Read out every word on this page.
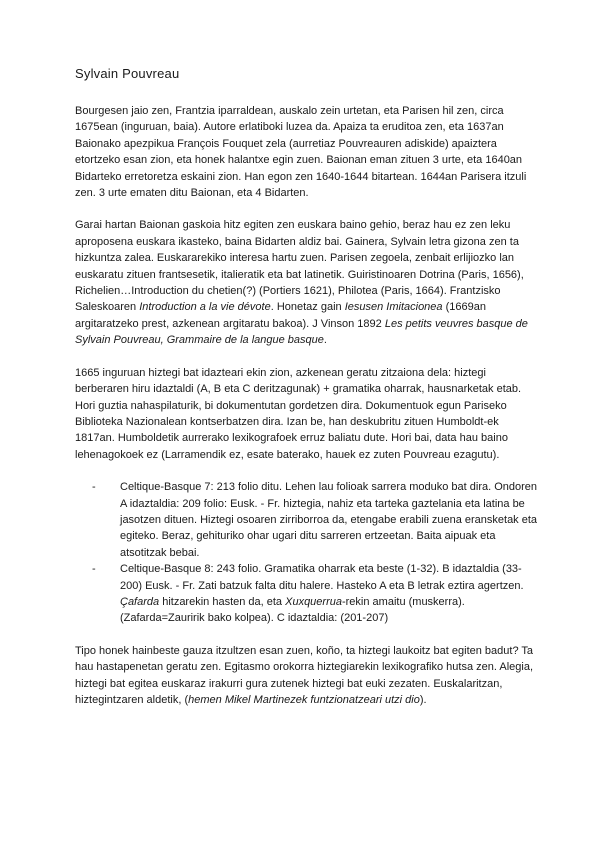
Sylvain Pouvreau

Bourgesen jaio zen, Frantzia iparraldean, auskalo zein urtetan, eta Parisen hil zen, circa 1675ean (inguruan, baia). Autore erlatiboki luzea da. Apaiza ta eruditoa zen, eta 1637an Baionako apezpikua François Fouquet zela (aurretiaz Pouvreauren adiskide) apaiztera etortzeko esan zion, eta honek halantxe egin zuen. Baionan eman zituen 3 urte, eta 1640an Bidarteko erretoretza eskaini zion. Han egon zen 1640-1644 bitartean. 1644an Parisera itzuli zen. 3 urte ematen ditu Baionan, eta 4 Bidarten.

Garai hartan Baionan gaskoia hitz egiten zen euskara baino gehio, beraz hau ez zen leku aproposena euskara ikasteko, baina Bidarten aldiz bai. Gainera, Sylvain letra gizona zen ta hizkuntza zalea. Euskararekiko interesa hartu zuen. Parisen zegoela, zenbait erlijiozko lan euskaratu zituen frantsesetik, italieratik eta bat latinetik. Guiristinoaren Dotrina (Paris, 1656), Richelien…Introduction du chetien(?) (Portiers 1621), Philotea (Paris, 1664). Frantzisko Saleskoaren Introduction a la vie dévote. Honetaz gain Iesusen Imitacionea (1669an argitaratzeko prest, azkenean argitaratu bakoa). J Vinson 1892 Les petits veuvres basque de Sylvain Pouvreau, Grammaire de la langue basque.

1665 inguruan hiztegi bat idazteari ekin zion, azkenean geratu zitzaiona dela: hiztegi berberaren hiru idaztaldi (A, B eta C deritzagunak) + gramatika oharrak, hausnarketak etab. Hori guztia nahaspilaturik, bi dokumentutan gordetzen dira. Dokumentuok egun Pariseko Biblioteka Nazionalean kontserbatzen dira. Izan be, han deskubritu zituen Humboldt-ek 1817an. Humboldetik aurrerako lexikografoek erruz baliatu dute. Hori bai, data hau baino lehenagokoek ez (Larramendik ez, esate baterako, hauek ez zuten Pouvreau ezagutu).

- Celtique-Basque 7: 213 folio ditu. Lehen lau folioak sarrera moduko bat dira. Ondoren A idaztaldia: 209 folio: Eusk. - Fr. hiztegia, nahiz eta tarteka gaztelania eta latina be jasotzen dituen. Hiztegi osoaren zirriborroa da, etengabe erabili zuena eransketak eta egiteko. Beraz, gehituriko ohar ugari ditu sarreren ertzeetan. Baita aipuak eta atsotitzak bebai.
- Celtique-Basque 8: 243 folio. Gramatika oharrak eta beste (1-32). B idaztaldia (33-200) Eusk. - Fr. Zati batzuk falta ditu halere. Hasteko A eta B letrak eztira agertzen. Çafarda hitzarekin hasten da, eta Xuxquerrua-rekin amaitu (muskerra). (Zafarda=Zauririk bako kolpea). C idaztaldia: (201-207)

Tipo honek hainbeste gauza itzultzen esan zuen, koño, ta hiztegi laukoitz bat egiten badut? Ta hau hastapenetan geratu zen. Egitasmo orokorra hiztegiarekin lexikografiko hutsa zen. Alegia, hiztegi bat egitea euskaraz irakurri gura zutenek hiztegi bat euki zezaten. Euskalaritzan, hiztegintzaren aldetik, (hemen Mikel Martinezek funtzionatzeari utzi dio).
